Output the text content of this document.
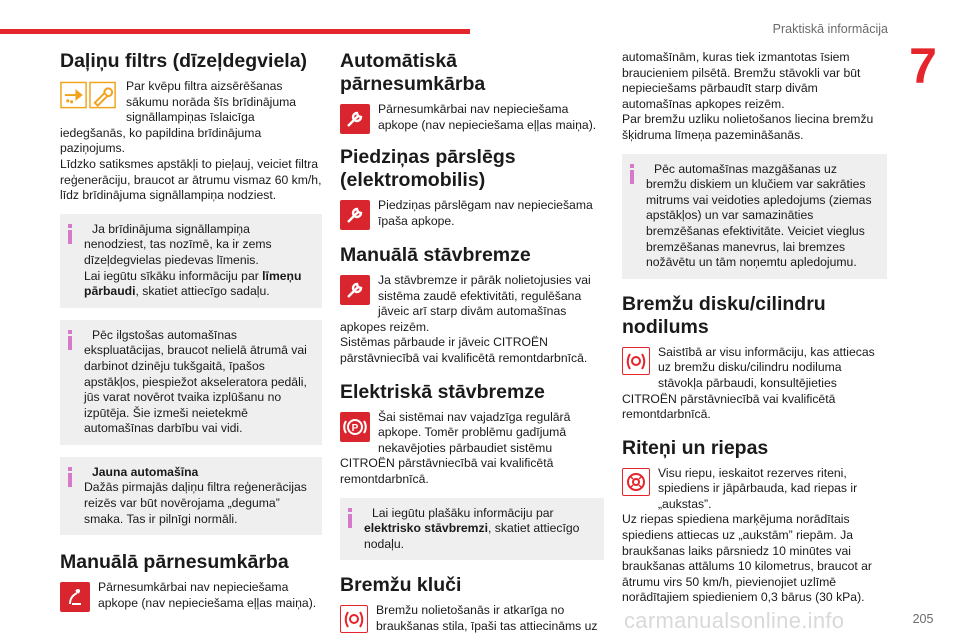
Praktiskā informācija
7
Daļiņu filtrs (dīzeļdegviela)

Par kvēpu filtra aizsērēšanas
sākumu norāda šīs brīdinājuma
signāllampiņas īslaicīga iedegšanās, ko papildina brīdinājuma paziņojums.

Līdzko satiksmes apstākļi to pieļauj, veiciet filtra reģenerāciju, braucot ar ātrumu vismaz 60 km/h, līdz brīdinājuma signāllampiņa nodziest.

Ja brīdinājuma signāllampiņa nenodziest, tas nozīmē, ka ir zems dīzeļdegvielas piedevas līmenis.

Lai iegūtu sīkāku informāciju par līmeņu pārbaudi, skatiet attiecīgo sadaļu.

Pēc ilgstošas automašīnas ekspluatācijas, braucot nelielā ātrumā vai darbinot dzinēju tukšgaitā, īpašos apstākļos, piespiežot akseleratora pedāli, jūs varat novērot tvaika izplūšanu no izpūtēja. Šie izmeši neietekmē automašīnas darbību vai vidi.

Jauna automašīna

Dažās pirmajās daļiņu filtra reģenerācijas reizēs var būt novērojama „deguma” smaka. Tas ir pilnīgi normāli.

Manuālā pārnesumkārba

Pārnesumkārbai nav nepieciešama apkope (nav nepieciešama eļļas maiņa).

Automātiskā
pārnesumkārba

Pārnesumkārbai nav nepieciešama apkope (nav nepieciešama eļļas maiņa).

Piedziņas pārslēgs
(elektromobilis)

Piedziņas pārslēgam nav nepieciešama īpaša apkope.

Manuālā stāvbremze

Ja stāvbremze ir pārāk nolietojusies vai sistēma zaudē efektivitāti, regulēšana jāveic arī starp divām automašīnas apkopes reizēm.

Sistēmas pārbaude ir jāveic CITROËN pārstāvniecībā vai kvalificētā remontdarbnīcā.

Elektriskā stāvbremze
P

Šai sistēmai nav vajadzīga regulārā apkope. Tomēr problēmu gadījumā nekavējoties pārbaudiet sistēmu CITROËN pārstāvniecībā vai kvalificētā remontdarbnīcā.

Lai iegūtu plašāku informāciju par elektrisko stāvbremzi, skatiet attiecīgo nodaļu.

Bremžu kluči

Bremžu nolietošanās ir atkarīga no braukšanas stila, īpaši tas attiecināms uz

automašīnām, kuras tiek izmantotas īsiem braucieniem pilsētā. Bremžu stāvokli var būt nepieciešams pārbaudīt starp divām automašīnas apkopes reizēm.

Par bremžu uzliku nolietošanos liecina bremžu šķidruma līmeņa pazemināšanās.

Pēc automašīnas mazgāšanas uz bremžu diskiem un klučiem var sakrāties mitrums vai veidoties apledojums (ziemas apstākļos) un var samazināties bremzēšanas efektivitāte. Veiciet vieglus bremzēšanas manevrus, lai bremzes nožāvētu un tām noņemtu apledojumu.

Bremžu disku/cilindru
nodilums

Saistībā ar visu informāciju, kas attiecas uz bremžu disku/cilindru nodiluma stāvokļa pārbaudi, konsultējieties CITROËN pārstāvniecībā vai kvalificētā remontdarbnīcā.

Riteņi un riepas

Visu riepu, ieskaitot rezerves riteni, spiediens ir jāpārbauda, kad riepas ir „aukstas”.

Uz riepas spiediena marķējuma norādītais spiediens attiecas uz „aukstām” riepām. Ja braukšanas laiks pārsniedz 10 minūtes vai braukšanas attālums 10 kilometrus, braucot ar ātrumu virs 50 km/h, pievienojiet uzlīmē norādītajiem spiedieniem 0,3 bārus (30 kPa).

carmanualsonline.info	205
